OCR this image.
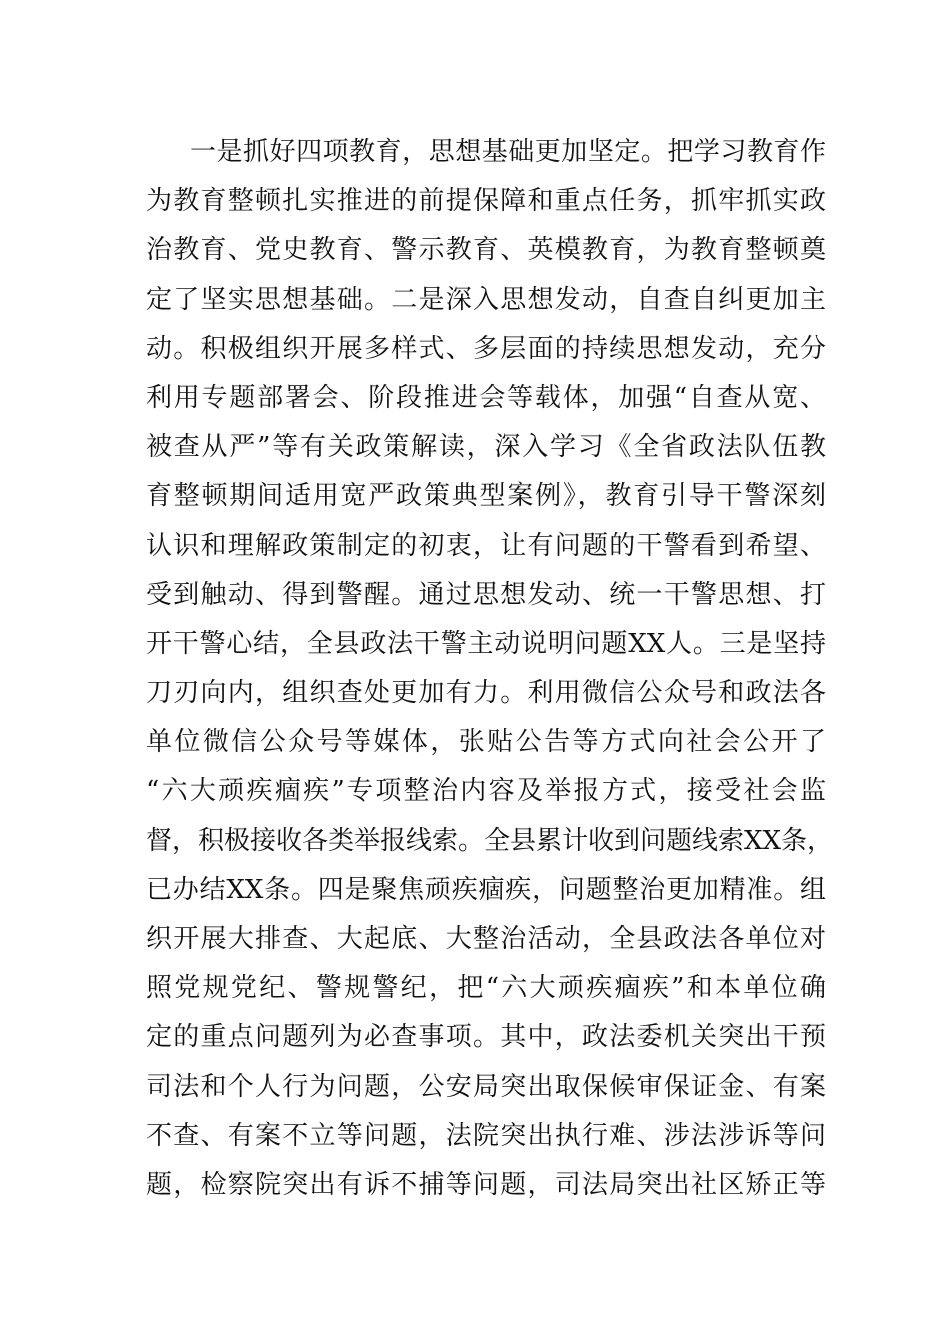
一是抓好四项教育，思想基础更加坚定。把学习教育作
为教育整顿扎实推进的前提保障和重点任务，抓牢抓实政
治教育、党史教育、警示教育、英模教育，为教育整顿奠
定了坚实思想基础。二是深入思想发动，自查自纠更加主
动。积极组织开展多样式、多层面的持续思想发动，充分
利用专题部署会、阶段推进会等载体，加强“自查从宽、
被查从严”等有关政策解读，深入学习《全省政法队伍教
育整顿期间适用宽严政策典型案例》，教育引导干警深刻
认识和理解政策制定的初衷，让有问题的干警看到希望、
受到触动、得到警醒。通过思想发动、统一干警思想、打
开干警心结，全县政法干警主动说明问题XX人。三是坚持
刀刃向内，组织查处更加有力。利用微信公众号和政法各
单位微信公众号等媒体，张贴公告等方式向社会公开了
“六大顽疾痼疾”专项整治内容及举报方式，接受社会监
督，积极接收各类举报线索。全县累计收到问题线索XX条，
已办结XX条。四是聚焦顽疾痼疾，问题整治更加精准。组
织开展大排查、大起底、大整治活动，全县政法各单位对
照党规党纪、警规警纪，把“六大顽疾痼疾”和本单位确
定的重点问题列为必查事项。其中，政法委机关突出干预
司法和个人行为问题，公安局突出取保候审保证金、有案
不查、有案不立等问题，法院突出执行难、涉法涉诉等问
题，检察院突出有诉不捕等问题，司法局突出社区矫正等
